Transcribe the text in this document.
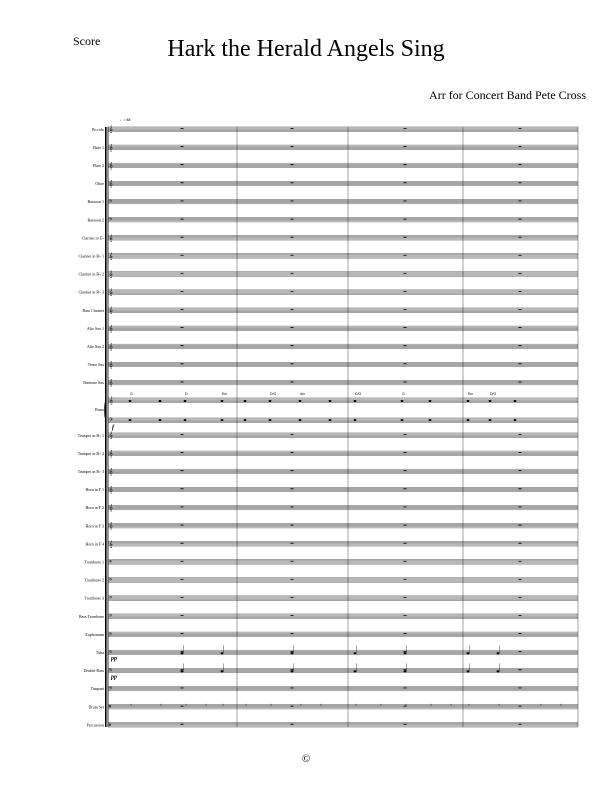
Score	Hark the Herald Angels Sing
Arr for Concert Band Pete Cross
♩= 88
Piccolo 𝄞
Flute 1 𝄞
Flute 2 𝄞
Oboe 𝄞
Bassoon 1 𝄢
Bassoon 2 𝄢
Clarinet in E♭ 𝄞
Clarinet in B♭ 1 𝄞
Clarinet in B♭ 2 𝄞
Clarinet in B♭ 3 𝄞
Bass Clarinet 𝄞
Alto Sax 1 𝄞
Alto Sax 2 𝄞
Tenor Sax 𝄞
Baritone Sax 𝄞
Piano
𝄞
𝄢
G	D	Em	D/G	Am	C/G	G	Em	D/G
f
Trumpet in B♭ 1 𝄞
Trumpet in B♭ 2 𝄞
Trumpet in B♭ 3 𝄞
Horn in F 1 𝄞
Horn in F 2 𝄞
Horn in F 3 𝄞
Horn in F 4 𝄞
Trombone 1 𝄢
Trombone 2 𝄢
Trombone 3 𝄢
Bass Trombone 𝄢
Euphonium 𝄢
Tuba 𝄢
pp
Double Bass 𝄢
pp
Timpani 𝄢
Drum Set 𝄥	×	×	×	×	×	×	×	×	×	×	×	×	×	×	×	×	×	×
Percussion 𝄥
©
